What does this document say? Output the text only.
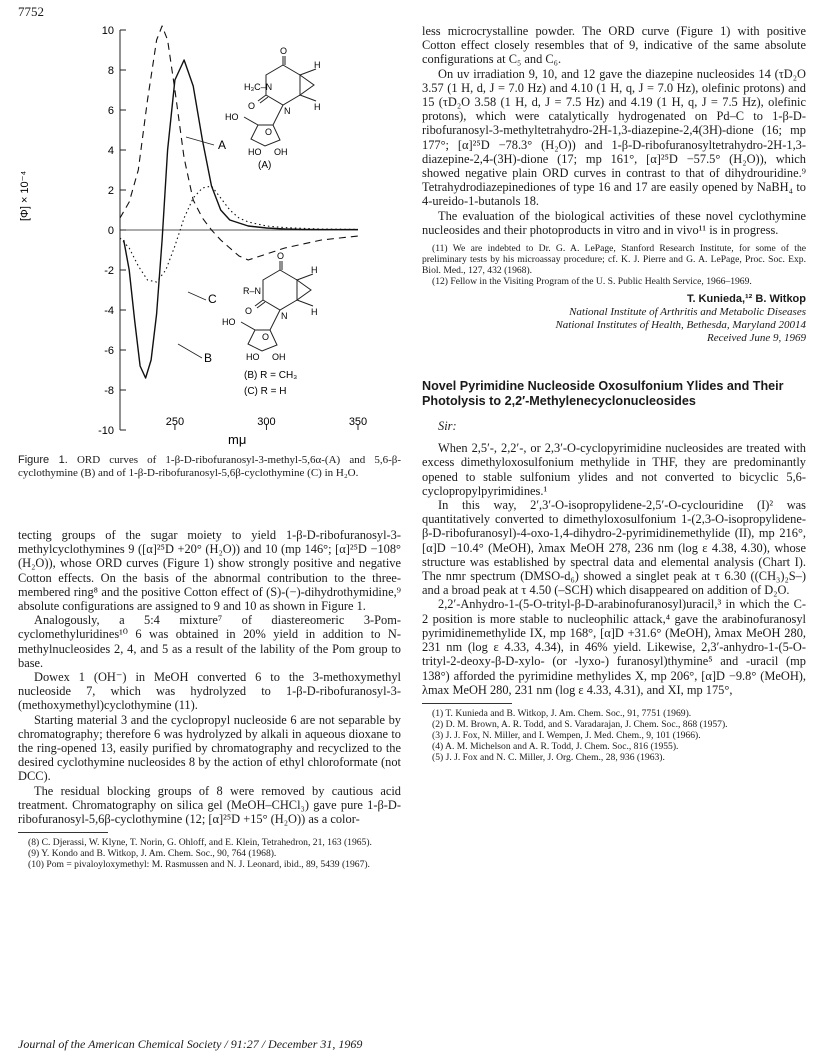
7752
10
8
6
4
2
0
-2
-4
-6
-8
-10
250	300	350
[Φ] × 10⁻⁴
mμ
A
B
C
O
H₃C–N
O	N
H
H
HO
O
HO OH
(A)
O
R–N
O	N
H
H
HO
O
HO OH
(B) R = CH₃
(C) R = H
Figure 1. ORD curves of 1-β-D-ribofuranosyl-3-methyl-5,6α-(A) and 5,6-β-cyclothymine (B) and of 1-β-D-ribofuranosyl-5,6β-cyclothymine (C) in H₂O.

tecting groups of the sugar moiety to yield 1-β-D-ribofuranosyl-3-methylcyclothymines 9 ([α]²⁵D +20° (H₂O)) and 10 (mp 146°; [α]²⁵D −108° (H₂O)), whose ORD curves (Figure 1) show strongly positive and negative Cotton effects. On the basis of the abnormal contribution to the three-membered ring⁸ and the positive Cotton effect of (S)-(−)-dihydrothymidine,⁹ absolute configurations are assigned to 9 and 10 as shown in Figure 1.

Analogously, a 5:4 mixture⁷ of diastereomeric 3-Pom-cyclomethyluridines¹⁰ 6 was obtained in 20% yield in addition to N-methylnucleosides 2, 4, and 5 as a result of the lability of the Pom group to base.

Dowex 1 (OH⁻) in MeOH converted 6 to the 3-methoxymethyl nucleoside 7, which was hydrolyzed to 1-β-D-ribofuranosyl-3-(methoxymethyl)cyclothymine (11).

Starting material 3 and the cyclopropyl nucleoside 6 are not separable by chromatography; therefore 6 was hydrolyzed by alkali in aqueous dioxane to the ring-opened 13, easily purified by chromatography and recyclized to the desired cyclothymine nucleosides 8 by the action of ethyl chloroformate (not DCC).

The residual blocking groups of 8 were removed by cautious acid treatment. Chromatography on silica gel (MeOH–CHCl₃) gave pure 1-β-D-ribofuranosyl-5,6β-cyclothymine (12; [α]²⁵D +15° (H₂O)) as a color-

(8) C. Djerassi, W. Klyne, T. Norin, G. Ohloff, and E. Klein, Tetrahedron, 21, 163 (1965).

(9) Y. Kondo and B. Witkop, J. Am. Chem. Soc., 90, 764 (1968).

(10) Pom = pivaloyloxymethyl: M. Rasmussen and N. J. Leonard, ibid., 89, 5439 (1967).

less microcrystalline powder. The ORD curve (Figure 1) with positive Cotton effect closely resembles that of 9, indicative of the same absolute configurations at C₅ and C₆.

On uv irradiation 9, 10, and 12 gave the diazepine nucleosides 14 (τD₂O 3.57 (1 H, d, J = 7.0 Hz) and 4.10 (1 H, q, J = 7.0 Hz), olefinic protons) and 15 (τD₂O 3.58 (1 H, d, J = 7.5 Hz) and 4.19 (1 H, q, J = 7.5 Hz), olefinic protons), which were catalytically hydrogenated on Pd–C to 1-β-D-ribofuranosyl-3-methyltetrahydro-2H-1,3-diazepine-2,4(3H)-dione (16; mp 177°; [α]²⁵D −78.3° (H₂O)) and 1-β-D-ribofuranosyltetrahydro-2H-1,3-diazepine-2,4-(3H)-dione (17; mp 161°, [α]²⁵D −57.5° (H₂O)), which showed negative plain ORD curves in contrast to that of dihydrouridine.⁹ Tetrahydrodiazepinediones of type 16 and 17 are easily opened by NaBH₄ to 4-ureido-1-butanols 18.

The evaluation of the biological activities of these novel cyclothymine nucleosides and their photoproducts in vitro and in vivo¹¹ is in progress.

(11) We are indebted to Dr. G. A. LePage, Stanford Research Institute, for some of the preliminary tests by his microassay procedure; cf. K. J. Pierre and G. A. LePage, Proc. Soc. Exp. Biol. Med., 127, 432 (1968).

(12) Fellow in the Visiting Program of the U. S. Public Health Service, 1966–1969.

T. Kunieda,¹² B. Witkop
National Institute of Arthritis and Metabolic Diseases
National Institutes of Health, Bethesda, Maryland 20014
Received June 9, 1969
Novel Pyrimidine Nucleoside Oxosulfonium Ylides and Their Photolysis to 2,2′-Methylenecyclonucleosides

Sir:

When 2,5′-, 2,2′-, or 2,3′-O-cyclopyrimidine nucleosides are treated with excess dimethyloxosulfonium methylide in THF, they are predominantly opened to stable sulfonium ylides and not converted to bicyclic 5,6-cyclopropylpyrimidines.¹

In this way, 2′,3′-O-isopropylidene-2,5′-O-cyclouridine (I)² was quantitatively converted to dimethyloxosulfonium 1-(2,3-O-isopropylidene-β-D-ribofuranosyl)-4-oxo-1,4-dihydro-2-pyrimidinemethylide (II), mp 216°, [α]D −10.4° (MeOH), λmax MeOH 278, 236 nm (log ε 4.38, 4.30), whose structure was established by spectral data and elemental analysis (Chart I). The nmr spectrum (DMSO-d₆) showed a singlet peak at τ 6.30 ((CH₃)₂S–) and a broad peak at τ 4.50 (–SCH) which disappeared on addition of D₂O.

2,2′-Anhydro-1-(5-O-trityl-β-D-arabinofuranosyl)uracil,³ in which the C-2 position is more stable to nucleophilic attack,⁴ gave the arabinofuranosyl pyrimidinemethylide IX, mp 168°, [α]D +31.6° (MeOH), λmax MeOH 280, 231 nm (log ε 4.33, 4.34), in 46% yield. Likewise, 2,3′-anhydro-1-(5-O-trityl-2-deoxy-β-D-xylo- (or -lyxo-) furanosyl)thymine⁵ and -uracil (mp 138°) afforded the pyrimidine methylides X, mp 206°, [α]D −9.8° (MeOH), λmax MeOH 280, 231 nm (log ε 4.33, 4.31), and XI, mp 175°,

(1) T. Kunieda and B. Witkop, J. Am. Chem. Soc., 91, 7751 (1969).

(2) D. M. Brown, A. R. Todd, and S. Varadarajan, J. Chem. Soc., 868 (1957).

(3) J. J. Fox, N. Miller, and I. Wempen, J. Med. Chem., 9, 101 (1966).

(4) A. M. Michelson and A. R. Todd, J. Chem. Soc., 816 (1955).

(5) J. J. Fox and N. C. Miller, J. Org. Chem., 28, 936 (1963).

Journal of the American Chemical Society / 91:27 / December 31, 1969
